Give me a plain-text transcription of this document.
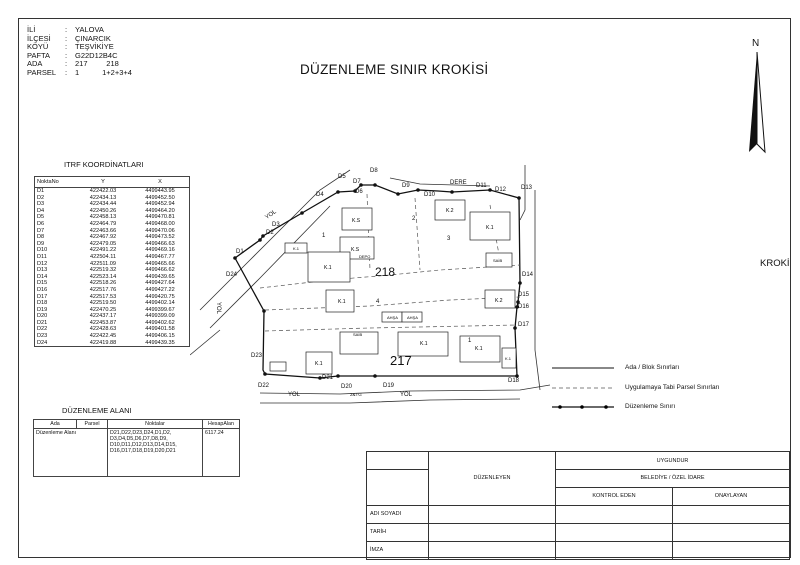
İLİ	:	YALOVA
İLÇESİ	:	ÇINARCIK
KÖYÜ	:	TEŞVİKİYE
PAFTA	:	G22D12B4C
ADA	:	217         218
PARSEL	:	1           1+2+3+4	DÜZENLEME SINIR KROKİSİ
N
KROKİ
ITRF KOORDİNATLARI
NoktaNo	Y	X
D1	422422.03	4499443.95
D2	422434.13	4499452.50
D3	422434.44	4499452.94
D4	422450.26	4499464.20
D5	422458.13	4499470.81
D6	422464.79	4499468.00
D7	422463.66	4499470.06
D8	422467.92	4499473.52
D9	422479.05	4499466.63
D10	422491.22	4499469.16
D11	422504.11	4499467.77
D12	422511.09	4499465.66
D13	422519.32	4499466.62
D14	422523.14	4499439.65
D15	422518.26	4499427.64
D16	422517.76	4499427.22
D17	422517.53	4499420.75
D18	422519.50	4499402.14
D19	422470.25	4499399.67
D20	422437.17	4499399.09
D21	422453.87	4499402.62
D22	422428.63	4499401.58
D23	422422.45	4499406.15
D24	422419.88	4499439.35
DÜZENLEME ALANI
Ada	Parsel	Noktalar	HesapAlan
Düzenleme Alanı		D21,D22,D23,D24,D1,D2, D3,D4,D5,D6,D7,D8,D9, D10,D11,D12,D13,D14,D15, D16,D17,D18,D19,D20,D21	6117.24
K.S
K.S
DEPO
K.2
K.1
K.1
K.1
SAİB
K.2
K.1
AHŞA AHŞA
SAİB
K.1
K.1
K.1
K.1
218
217
1
2
3
4
1
YOL
YOL	YOL
YOL
DERE
2&TG
D1
D2
D3
D4
D5
D6
D7
D8
D9
D10
D11
D12 D13
D14
D15
D16
D17
D18
D19
D20
D21
D22
D23
D24
Ada / Blok Sınırları
Uygulamaya Tabi Parsel Sınırları
Düzenleme Sınırı
	DÜZENLEYEN	UYGUNDUR	
		BELEDİYE / ÖZEL İDARE	
		KONTROL EDEN	ONAYLAYAN
ADI SOYADI			
TARİH			
İMZA			
